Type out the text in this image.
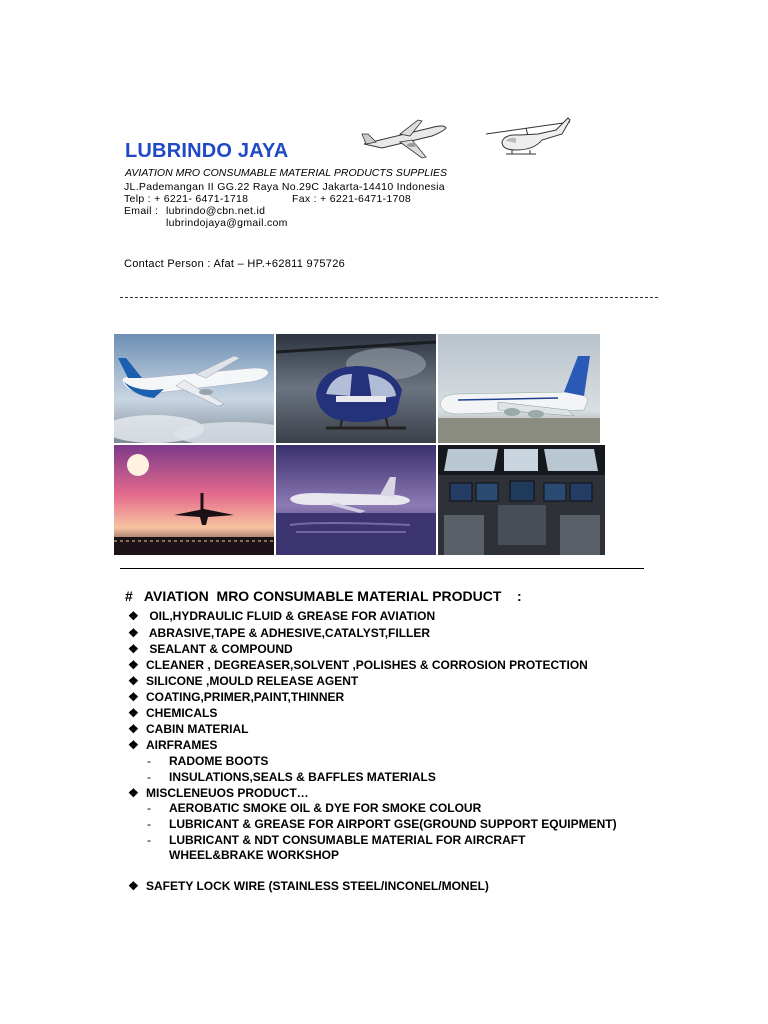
LUBRINDO JAYA
AVIATION MRO CONSUMABLE MATERIAL PRODUCTS SUPPLIES
JL.Pademangan II GG.22 Raya No.29C Jakarta-14410 Indonesia
Telp : + 6221- 6471-1718	Fax : + 6221-6471-1708
Email : lubrindo@cbn.net.id
lubrindojaya@gmail.com
Contact Person : Afat – HP.+62811 975726
#   AVIATION  MRO CONSUMABLE MATERIAL PRODUCT    :
❖ OIL,HYDRAULIC FLUID & GREASE FOR AVIATION
❖ ABRASIVE,TAPE & ADHESIVE,CATALYST,FILLER
❖ SEALANT & COMPOUND
❖ CLEANER , DEGREASER,SOLVENT ,POLISHES & CORROSION PROTECTION
❖ SILICONE ,MOULD RELEASE AGENT
❖ COATING,PRIMER,PAINT,THINNER
❖ CHEMICALS
❖ CABIN MATERIAL
❖ AIRFRAMES
- RADOME BOOTS
- INSULATIONS,SEALS & BAFFLES MATERIALS
❖ MISCLENEUOS PRODUCT…
- AEROBATIC SMOKE OIL & DYE FOR SMOKE COLOUR
- LUBRICANT & GREASE FOR AIRPORT GSE(GROUND SUPPORT EQUIPMENT)
- LUBRICANT & NDT CONSUMABLE MATERIAL FOR AIRCRAFT
WHEEL&BRAKE WORKSHOP
❖ SAFETY LOCK WIRE (STAINLESS STEEL/INCONEL/MONEL)
